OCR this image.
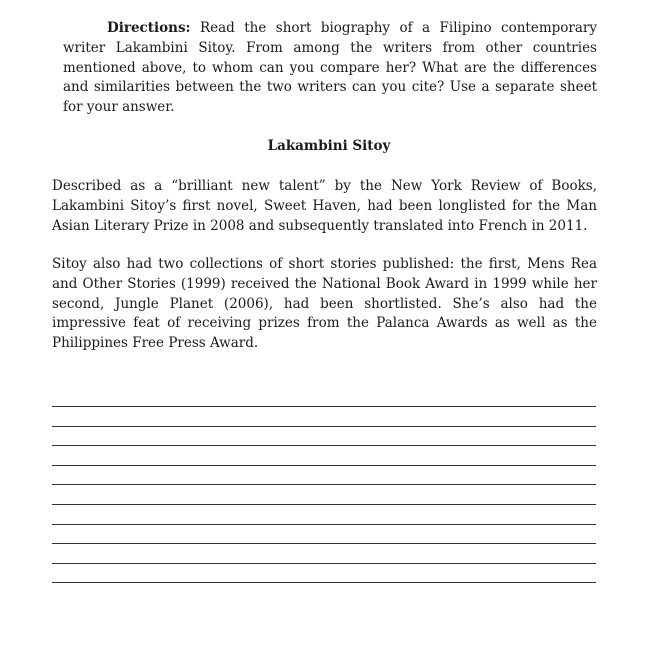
Directions: Read the short biography of a Filipino contemporary writer Lakambini Sitoy. From among the writers from other countries mentioned above, to whom can you compare her? What are the differences and similarities between the two writers can you cite? Use a separate sheet for your answer.

Lakambini Sitoy

Described as a “brilliant new talent” by the New York Review of Books, Lakambini Sitoy’s first novel, Sweet Haven, had been longlisted for the Man Asian Literary Prize in 2008 and subsequently translated into French in 2011.

Sitoy also had two collections of short stories published: the first, Mens Rea and Other Stories (1999) received the National Book Award in 1999 while her second, Jungle Planet (2006), had been shortlisted. She’s also had the impressive feat of receiving prizes from the Palanca Awards as well as the Philippines Free Press Award.
